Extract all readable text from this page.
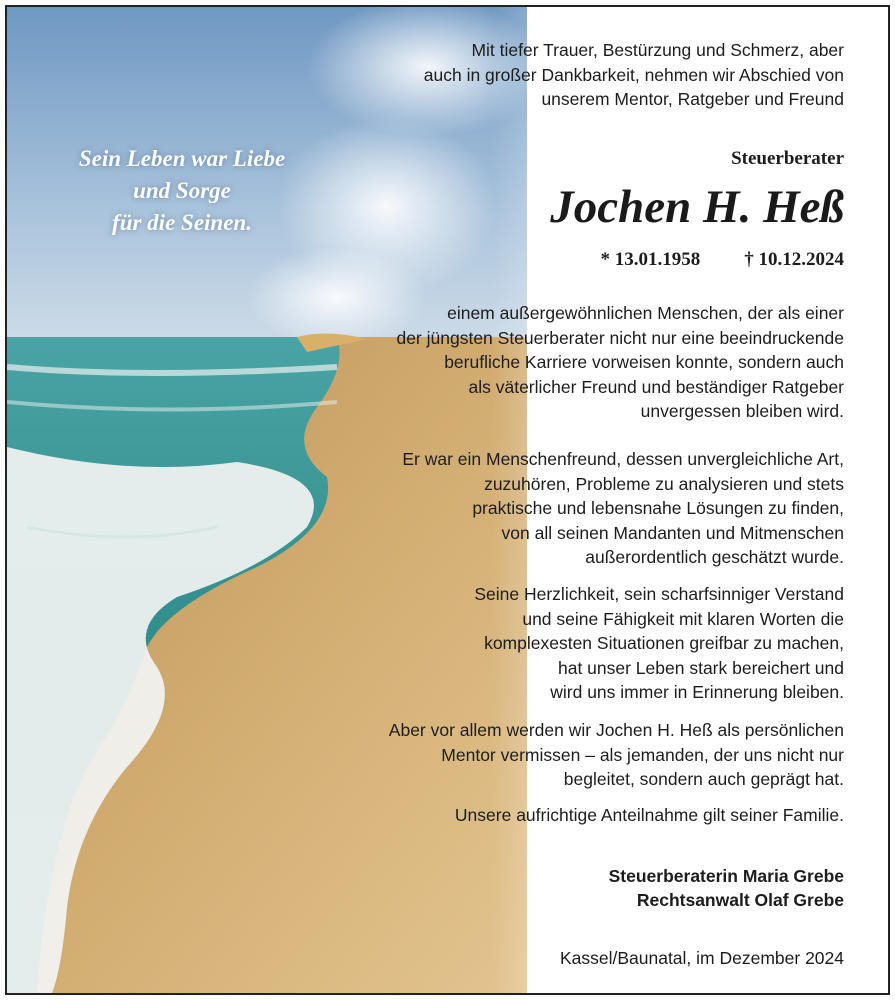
Sein Leben war Liebe
und Sorge
für die Seinen.
Mit tiefer Trauer, Bestürzung und Schmerz, aber
auch in großer Dankbarkeit, nehmen wir Abschied von
unserem Mentor, Ratgeber und Freund
Steuerberater
Jochen H. Heß
* 13.01.1958 † 10.12.2024
einem außergewöhnlichen Menschen, der als einer
der jüngsten Steuerberater nicht nur eine beeindruckende
berufliche Karriere vorweisen konnte, sondern auch
als väterlicher Freund und beständiger Ratgeber
unvergessen bleiben wird.
Er war ein Menschenfreund, dessen unvergleichliche Art,
zuzuhören, Probleme zu analysieren und stets
praktische und lebensnahe Lösungen zu finden,
von all seinen Mandanten und Mitmenschen
außerordentlich geschätzt wurde.
Seine Herzlichkeit, sein scharfsinniger Verstand
und seine Fähigkeit mit klaren Worten die
komplexesten Situationen greifbar zu machen,
hat unser Leben stark bereichert und
wird uns immer in Erinnerung bleiben.
Aber vor allem werden wir Jochen H. Heß als persönlichen
Mentor vermissen – als jemanden, der uns nicht nur
begleitet, sondern auch geprägt hat.
Unsere aufrichtige Anteilnahme gilt seiner Familie.
Steuerberaterin Maria Grebe
Rechtsanwalt Olaf Grebe
Kassel/Baunatal, im Dezember 2024
